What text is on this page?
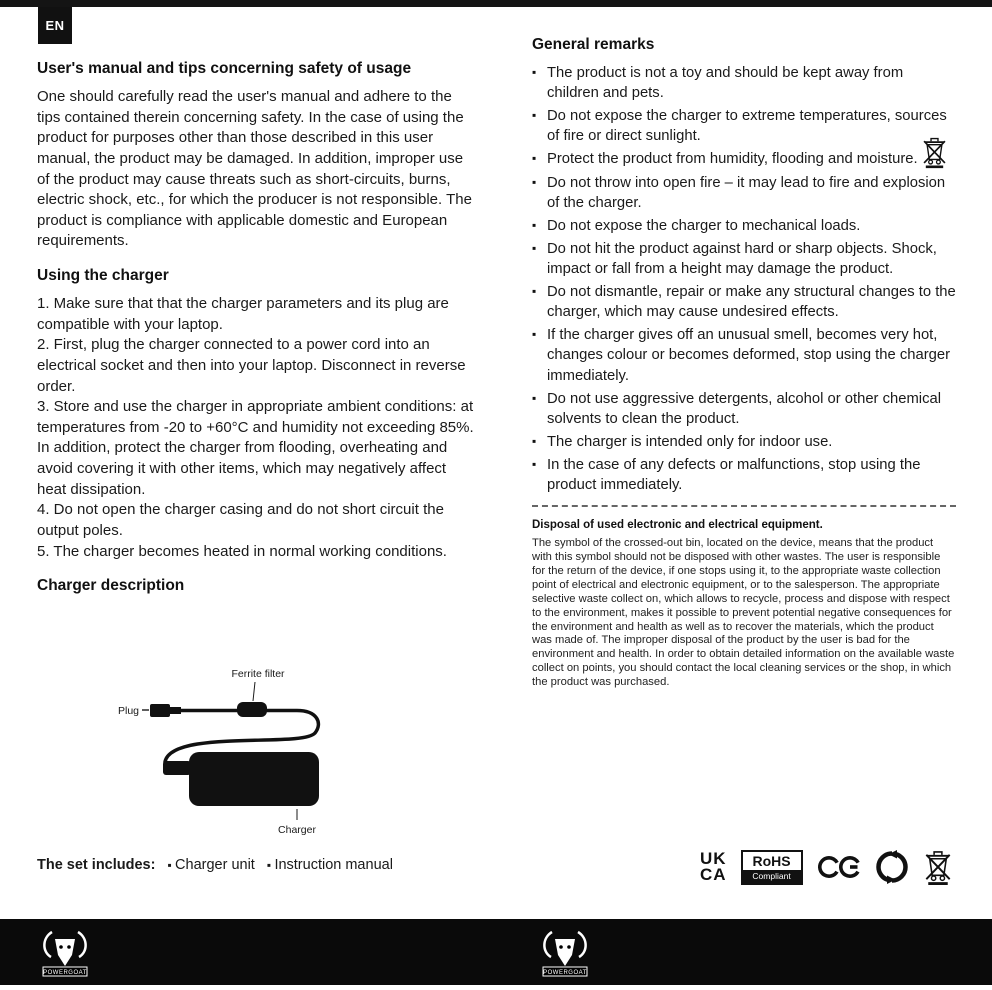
EN
User's manual and tips concerning safety of usage

One should carefully read the user's manual and adhere to the tips contained therein concerning safety. In the case of using the product for purposes other than those described in this user manual, the product may be damaged. In addition, improper use of the product may cause threats such as short-circuits, burns, electric shock, etc., for which the producer is not responsible. The product is compliance with applicable domestic and European requirements.

Using the charger

1. Make sure that that the charger parameters and its plug are compatible with your laptop.

2. First, plug the charger connected to a power cord into an electrical socket and then into your laptop. Disconnect in reverse order.

3. Store and use the charger in appropriate ambient conditions: at temperatures from -20 to +60°C and humidity not exceeding 85%. In addition, protect the charger from flooding, overheating and avoid covering it with other items, which may negatively affect heat dissipation.

4. Do not open the charger casing and do not short circuit the output poles.

5. The charger becomes heated in normal working conditions.

Charger description
Ferrite filter
Plug
Charger
The set includes:	▪ Charger unit	▪ Instruction manual
General remarks
▪ The product is not a toy and should be kept away from children and pets.
▪ Do not expose the charger to extreme temperatures, sources of fire or direct sunlight.
▪ Protect the product from humidity, flooding and moisture.
▪ Do not throw into open fire – it may lead to fire and explosion of the charger.
▪ Do not expose the charger to mechanical loads.
▪ Do not hit the product against hard or sharp objects. Shock, impact or fall from a height may damage the product.
▪ Do not dismantle, repair or make any structural changes to the charger, which may cause undesired effects.
▪ If the charger gives off an unusual smell, becomes very hot, changes colour or becomes deformed, stop using the charger immediately.
▪ Do not use aggressive detergents, alcohol or other chemical solvents to clean the product.
▪ The charger is intended only for indoor use.
▪ In the case of any defects or malfunctions, stop using the product immediately.
Disposal of used electronic and electrical equipment.

The symbol of the crossed-out bin, located on the device, means that the product with this symbol should not be disposed with other wastes. The user is responsible for the return of the device, if one stops using it, to the appropriate waste collection point of electrical and electronic equipment, or to the salesperson. The appropriate selective waste collect on, which allows to recycle, process and dispose with respect to the environment, makes it possible to prevent potential negative consequences for the environment and health as well as to recover the materials, which the product was made of. The improper disposal of the product by the user is bad for the environment and health. In order to obtain detailed information on the available waste collect on points, you should contact the local cleaning services or the shop, in which the product was purchased.

UK
CA
RoHS
Compliant
POWERGOAT	POWERGOAT
